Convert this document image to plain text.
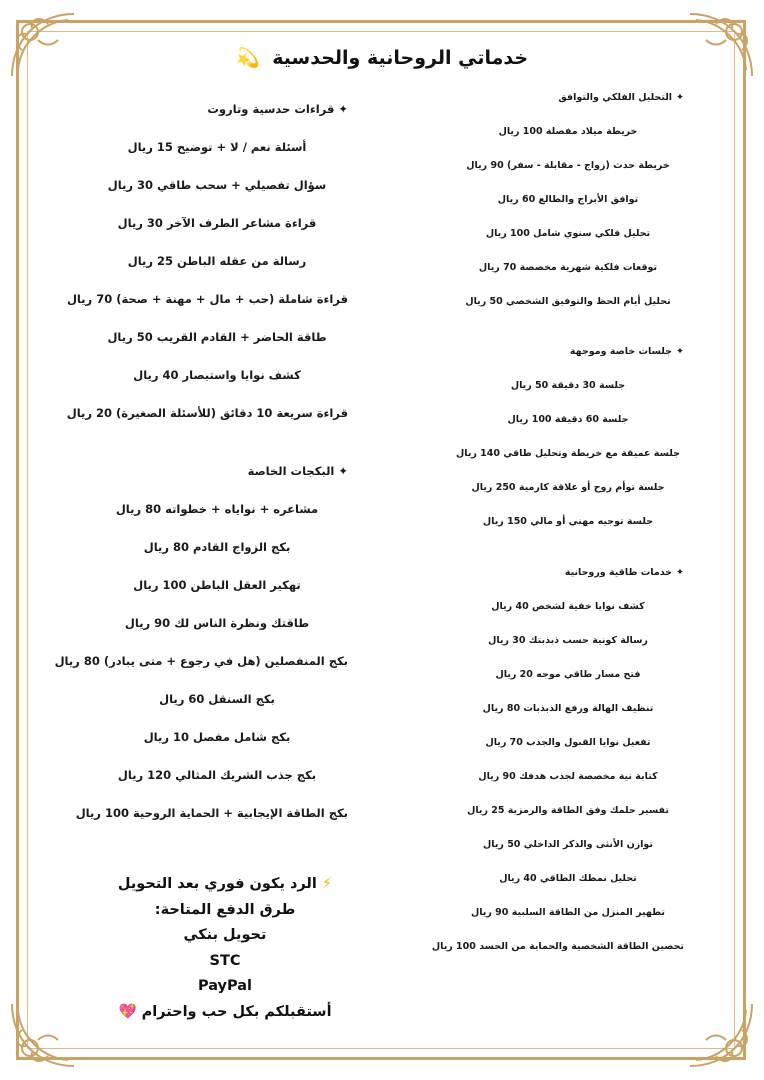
خدماتي الروحانية والحدسية 💫
✦قراءات حدسية وتاروت
أسئلة نعم / لا + توضيح 15 ريال
سؤال تفصيلي + سحب طاقي 30 ريال
قراءة مشاعر الطرف الآخر 30 ريال
رسالة من عقله الباطن 25 ريال
قراءة شاملة (حب + مال + مهنة + صحة) 70 ريال
طاقة الحاضر + القادم القريب 50 ريال
كشف نوايا واستبصار 40 ريال
قراءة سريعة 10 دقائق (للأسئلة الصغيرة) 20 ريال
✦البكجات الخاصة
مشاعره + نواياه + خطواته 80 ريال
بكج الزواج القادم 80 ريال
تهكير العقل الباطن 100 ريال
طاقتك ونظرة الناس لك 90 ريال
بكج المنفصلين (هل في رجوع + متى يبادر) 80 ريال
بكج السنقل 60 ريال
بكج شامل مفصل 10 ريال
بكج جذب الشريك المثالي 120 ريال
بكج الطاقة الإيجابية + الحماية الروحية 100 ريال
✦التحليل الفلكي والتوافق
خريطة ميلاد مفصلة 100 ريال
خريطة حدث (زواج - مقابلة - سفر) 90 ريال
توافق الأبراج والطالع 60 ريال
تحليل فلكي سنوي شامل 100 ريال
توقعات فلكية شهرية مخصصة 70 ريال
تحليل أيام الحظ والتوفيق الشخصي 50 ريال
✦جلسات خاصة وموجهة
جلسة 30 دقيقة 50 ريال
جلسة 60 دقيقة 100 ريال
جلسة عميقة مع خريطة وتحليل طاقي 140 ريال
جلسة توأم روح أو علاقة كارمية 250 ريال
جلسة توجيه مهني أو مالي 150 ريال
✦خدمات طاقية وروحانية
كشف نوايا خفية لشخص 40 ريال
رسالة كونية حسب ذبذبتك 30 ريال
فتح مسار طاقي موجه 20 ريال
تنظيف الهالة ورفع الذبذبات 80 ريال
تفعيل نوايا القبول والجذب 70 ريال
كتابة نية مخصصة لجذب هدفك 90 ريال
تفسير حلمك وفق الطاقة والرمزية 25 ريال
توازن الأنثى والذكر الداخلي 50 ريال
تحليل نمطك الطاقي 40 ريال
تطهير المنزل من الطاقة السلبية 90 ريال
تحصين الطاقة الشخصية والحماية من الحسد 100 ريال
⚡ الرد يكون فوري بعد التحويل
طرق الدفع المتاحة:
تحويل بنكي
STC
PayPal
أستقبلكم بكل حب واحترام 💖
